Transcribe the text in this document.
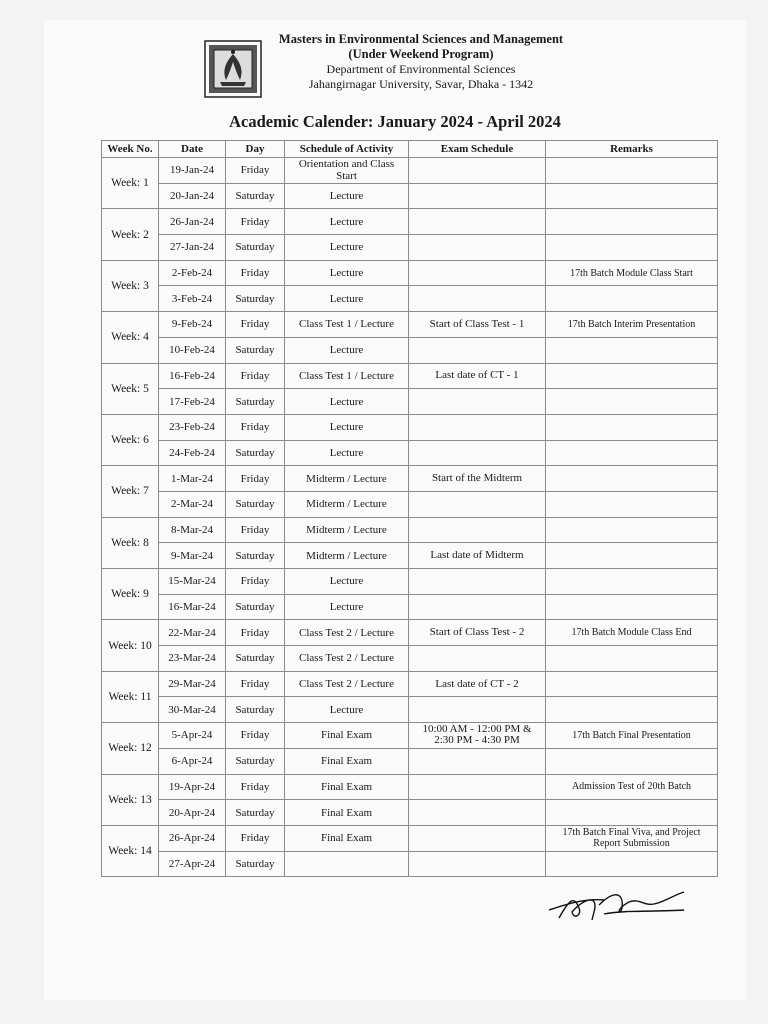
Masters in Environmental Sciences and Management
(Under Weekend Program)
Department of Environmental Sciences
Jahangirnagar University, Savar, Dhaka - 1342
Academic Calender: January 2024 - April 2024
Week No.	Date	Day	Schedule of Activity	Exam Schedule	Remarks
Week: 1	19-Jan-24	Friday	Orientation and Class Start		
	20-Jan-24	Saturday	Lecture		
Week: 2	26-Jan-24	Friday	Lecture		
	27-Jan-24	Saturday	Lecture		
Week: 3	2-Feb-24	Friday	Lecture		17th Batch Module Class Start
	3-Feb-24	Saturday	Lecture		
Week: 4	9-Feb-24	Friday	Class Test 1 / Lecture	Start of Class Test - 1	17th Batch Interim Presentation
	10-Feb-24	Saturday	Lecture		
Week: 5	16-Feb-24	Friday	Class Test 1 / Lecture	Last date of CT - 1	
	17-Feb-24	Saturday	Lecture		
Week: 6	23-Feb-24	Friday	Lecture		
	24-Feb-24	Saturday	Lecture		
Week: 7	1-Mar-24	Friday	Midterm / Lecture	Start of the Midterm	
	2-Mar-24	Saturday	Midterm / Lecture		
Week: 8	8-Mar-24	Friday	Midterm / Lecture		
	9-Mar-24	Saturday	Midterm / Lecture	Last date of Midterm	
Week: 9	15-Mar-24	Friday	Lecture		
	16-Mar-24	Saturday	Lecture		
Week: 10	22-Mar-24	Friday	Class Test 2 / Lecture	Start of Class Test - 2	17th Batch Module Class End
	23-Mar-24	Saturday	Class Test 2 / Lecture		
Week: 11	29-Mar-24	Friday	Class Test 2 / Lecture	Last date of CT - 2	
	30-Mar-24	Saturday	Lecture		
Week: 12	5-Apr-24	Friday	Final Exam	10:00 AM - 12:00 PM & 2:30 PM - 4:30 PM	17th Batch Final Presentation
	6-Apr-24	Saturday	Final Exam		
Week: 13	19-Apr-24	Friday	Final Exam		Admission Test of 20th Batch
	20-Apr-24	Saturday	Final Exam		
Week: 14	26-Apr-24	Friday	Final Exam		17th Batch Final Viva, and Project Report Submission
	27-Apr-24	Saturday			
